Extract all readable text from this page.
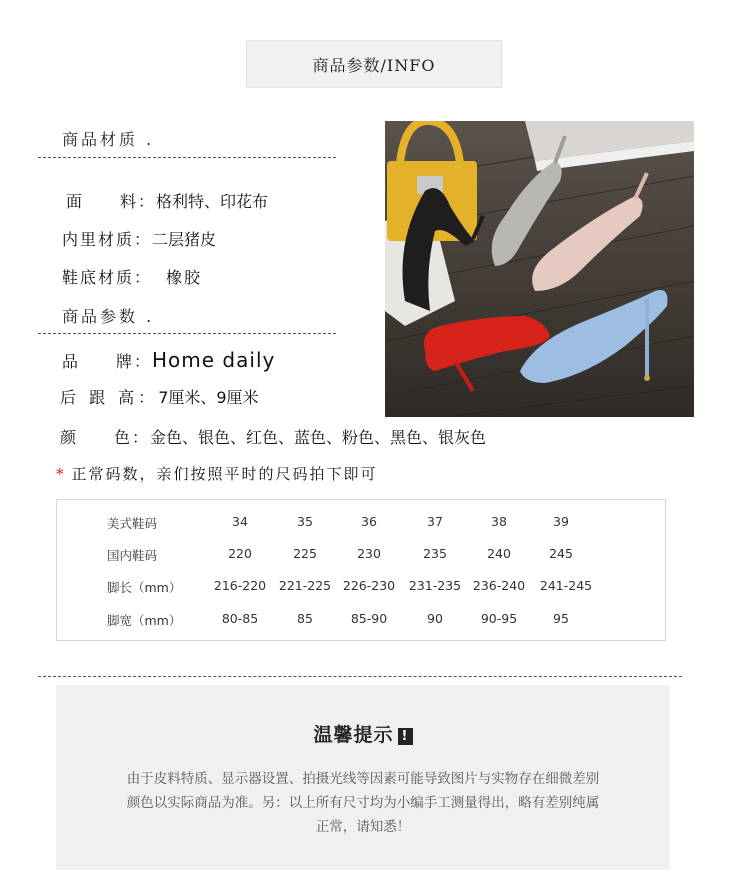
商品参数/INFO
商品材质 .
面　　料：格利特、印花布
内里材质：二层猪皮
鞋底材质： 橡胶
商品参数 .
品　　牌：Home daily
后 跟 高：7厘米、9厘米
颜　　色：金色、银色、红色、蓝色、粉色、黑色、银灰色
* 正常码数，亲们按照平时的尺码拍下即可
美式鞋码	34	35	36	37	38	39
国内鞋码	220	225	230	235	240	245
脚长（mm）	216-220	221-225 226-230	231-235 236-240	241-245
脚宽（mm）	80-85	85	85-90	90	90-95	95
温馨提示 !
由于皮料特质、显示器设置、拍摄光线等因素可能导致图片与实物存在细微差别
颜色以实际商品为准。另：以上所有尺寸均为小编手工测量得出，略有差别纯属
正常，请知悉！
